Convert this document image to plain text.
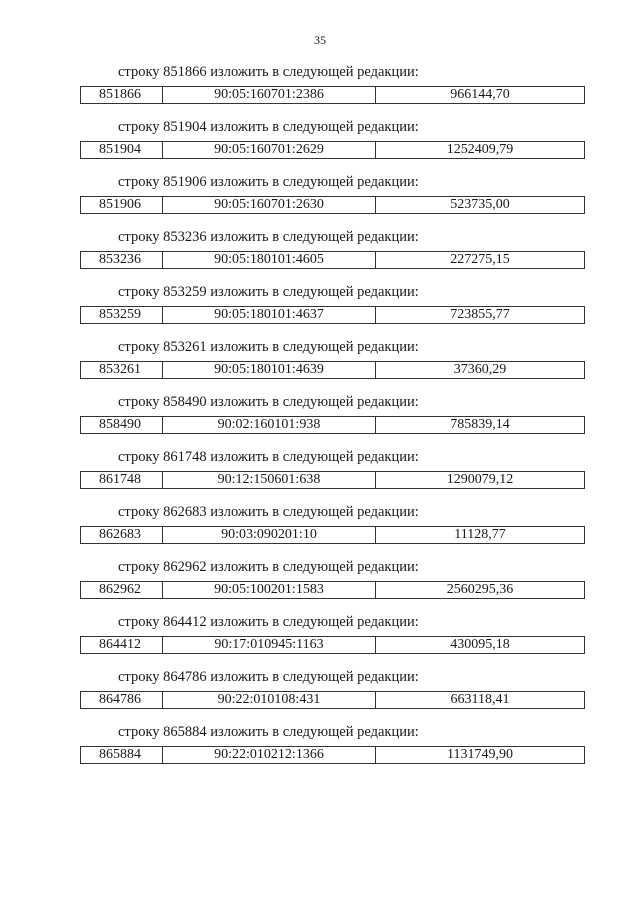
35
строку 851866 изложить в следующей редакции:
851866	90:05:160701:2386	966144,70
строку 851904 изложить в следующей редакции:
851904	90:05:160701:2629	1252409,79
строку 851906 изложить в следующей редакции:
851906	90:05:160701:2630	523735,00
строку 853236 изложить в следующей редакции:
853236	90:05:180101:4605	227275,15
строку 853259 изложить в следующей редакции:
853259	90:05:180101:4637	723855,77
строку 853261 изложить в следующей редакции:
853261	90:05:180101:4639	37360,29
строку 858490 изложить в следующей редакции:
858490	90:02:160101:938	785839,14
строку 861748 изложить в следующей редакции:
861748	90:12:150601:638	1290079,12
строку 862683 изложить в следующей редакции:
862683	90:03:090201:10	11128,77
строку 862962 изложить в следующей редакции:
862962	90:05:100201:1583	2560295,36
строку 864412 изложить в следующей редакции:
864412	90:17:010945:1163	430095,18
строку 864786 изложить в следующей редакции:
864786	90:22:010108:431	663118,41
строку 865884 изложить в следующей редакции:
865884	90:22:010212:1366	1131749,90
